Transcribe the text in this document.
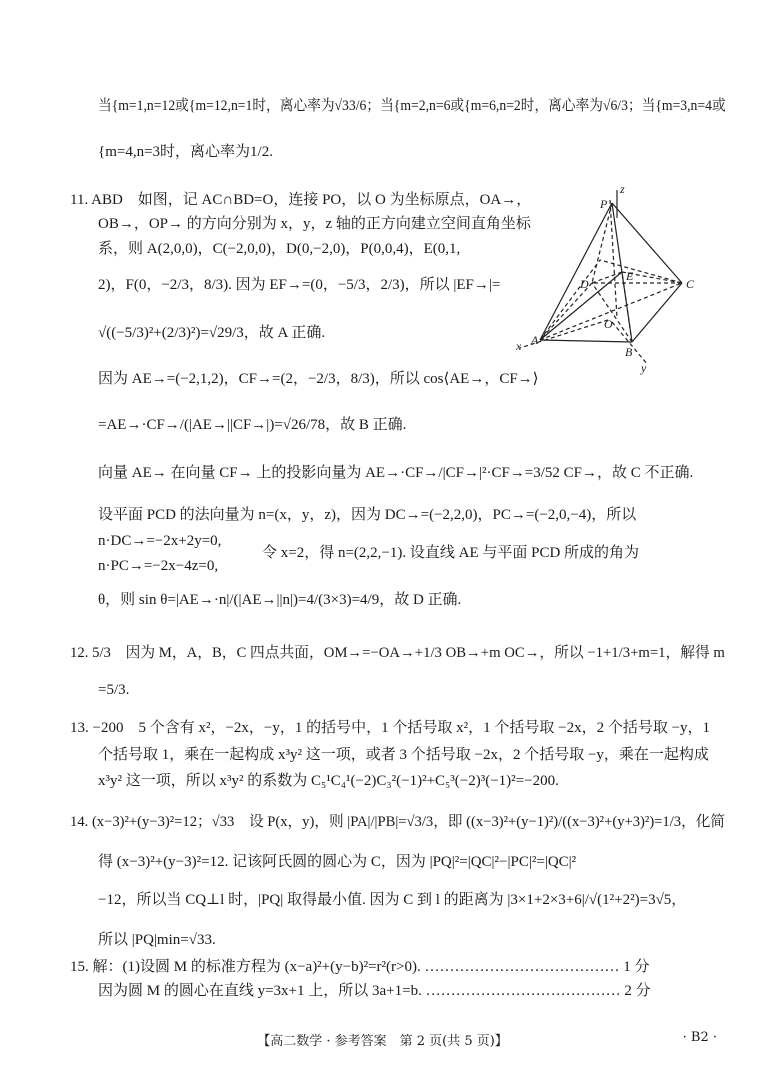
当{m=1,n=12或{m=12,n=1时，离心率为√33/6；当{m=2,n=6或{m=6,n=2时，离心率为√6/3；当{m=3,n=4或
{m=4,n=3时，离心率为1/2.
11. ABD　如图，记 AC∩BD=O，连接 PO，以 O 为坐标原点，OA→，
OB→，OP→ 的方向分别为 x，y，z 轴的正方向建立空间直角坐标
系，则 A(2,0,0)，C(−2,0,0)，D(0,−2,0)，P(0,0,4)，E(0,1,
2)，F(0，−2/3，8/3). 因为 EF→=(0，−5/3，2/3)，所以 |EF→|=
√((−5/3)²+(2/3)²)=√29/3，故 A 正确.
因为 AE→=(−2,1,2)，CF→=(2，−2/3，8/3)，所以 cos⟨AE→，CF→⟩
=AE→·CF→/(|AE→||CF→|)=√26/78，故 B 正确.
向量 AE→ 在向量 CF→ 上的投影向量为 AE→·CF→/|CF→|²·CF→=3/52 CF→，故 C 不正确.
设平面 PCD 的法向量为 n=(x，y，z)，因为 DC→=(−2,2,0)，PC→=(−2,0,−4)，所以
n·DC→=−2x+2y=0,
令 x=2，得 n=(2,2,−1). 设直线 AE 与平面 PCD 所成的角为
n·PC→=−2x−4z=0,
θ，则 sin θ=|AE→·n|/(|AE→||n|)=4/(3×3)=4/9，故 D 正确.
12. 5/3　因为 M，A，B，C 四点共面，OM→=−OA→+1/3 OB→+m OC→，所以 −1+1/3+m=1，解得 m
=5/3.
13. −200　5 个含有 x²，−2x，−y，1 的括号中，1 个括号取 x²，1 个括号取 −2x，2 个括号取 −y，1
个括号取 1，乘在一起构成 x³y² 这一项，或者 3 个括号取 −2x，2 个括号取 −y，乘在一起构成
x³y² 这一项，所以 x³y² 的系数为 C₅¹C₄¹(−2)C₃²(−1)²+C₅³(−2)³(−1)²=−200.
14. (x−3)²+(y−3)²=12；√33　设 P(x，y)，则 |PA|/|PB|=√3/3，即 ((x−3)²+(y−1)²)/((x−3)²+(y+3)²)=1/3，化简
得 (x−3)²+(y−3)²=12. 记该阿氏圆的圆心为 C，因为 |PQ|²=|QC|²−|PC|²=|QC|²
−12，所以当 CQ⊥l 时，|PQ| 取得最小值. 因为 C 到 l 的距离为 |3×1+2×3+6|/√(1²+2²)=3√5，
所以 |PQ|min=√33.
15. 解：(1)设圆 M 的标准方程为 (x−a)²+(y−b)²=r²(r>0). ………………………………… 1 分
因为圆 M 的圆心在直线 y=3x+1 上，所以 3a+1=b. ………………………………… 2 分
P
z
D
E
C
O
A
x	B
y
【高二数学 · 参考答案　第 2 页(共 5 页)】	· B2 ·
